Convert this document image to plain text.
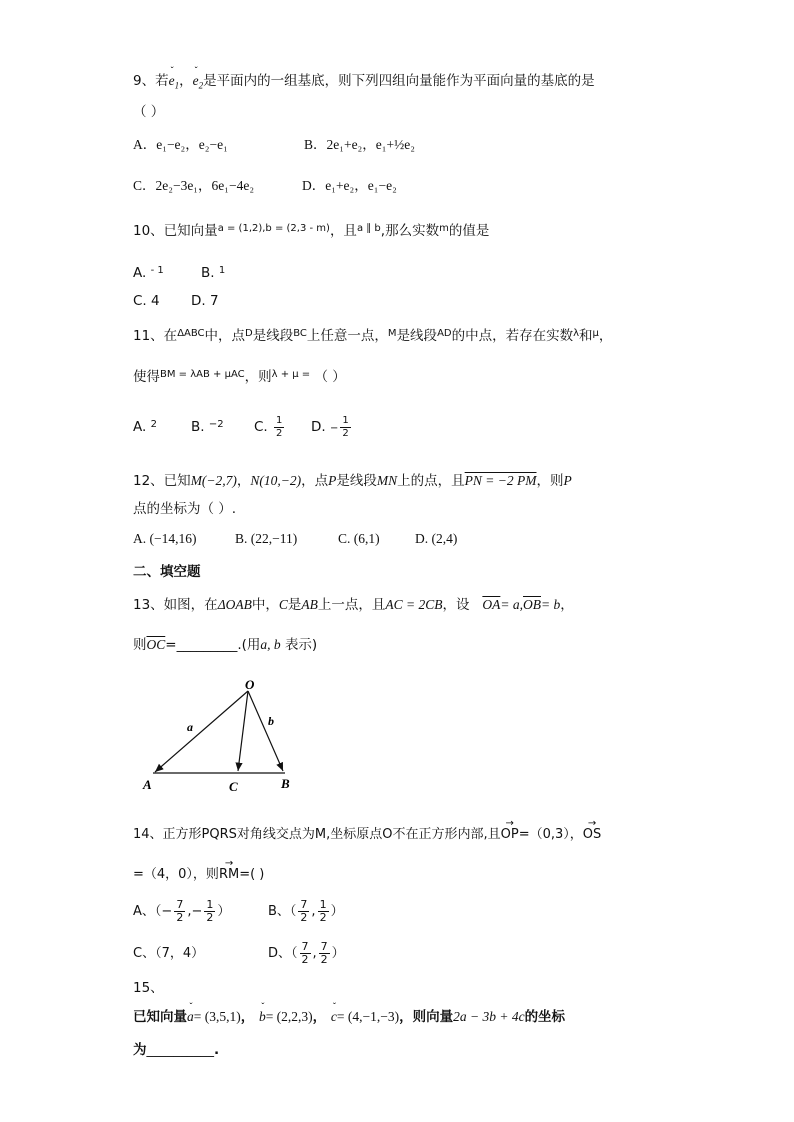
9、若ˇ $e_1$，ˇ $e_2$是平面内的一组基底，则下列四组向量能作为平面向量的基底的是
（ ）
A．e₁−e₂，e₂−e₁	B．2e₁+e₂，e₁+½e₂
C．2e₂−3e₁，6e₁−4e₂	D．e₁+e₂，e₁−e₂
10、已知向量$^{a = (1,2),b = (2,3 - m)}$，且$^{a \parallel b}$,那么实数$^m$的值是
A. $^{- 1}$	B. $^1$
C. 4 D. 7
11、在$^{\Delta ABC}$中，点$^D$是线段$^{BC}$上任意一点，$^M$是线段$^{AD}$的中点，若存在实数$^\lambda$和$^\mu$，
使得$^{BM = \lambda AB + \mu AC}$，则$^{\lambda + \mu =}$ （ ）
A. $^2$	B. $^{-2}$ C. $\frac{1}{2} D$. − $\frac{1}{2}$
12、已知M(−2,7)，N(10,−2)，点P是线段MN上的点，且PN = −2 PM，则P
点的坐标为（ ）.
A. (−14,16)	B. (22,−11)	C. (6,1)	D. (2,4)
二、填空题
13、如图，在ΔOAB中，C是AB上一点，且AC = 2CB，设 $\overline{OA}= a,\overline{OB}= b$，
则$\overline{OC}=\_\_\_\_\_\_\_\_\_$.(用a, b 表示)
O
A	B
C
a	b
14、正方形PQRS对角线交点为M,坐标原点O不在正方形内部,且→ OP=（0,3），→ OS
=（4，0），则→ RM=( )
A、（− $\frac{7}{2}$ ,− $\frac{1}{2}$ ）	B、（ $\frac{7}{2}$ , $\frac{1}{2}$ ）
C、（7，4）	D、（ $\frac{7}{2}$ , $\frac{7}{2}$ ）
15、
已知向量ˇ a= (3,5,1)， ˇ b= (2,2,3)， ˇ c= (4,−1,−3)，则向量2a − 3b + 4c的坐标
为__________.
